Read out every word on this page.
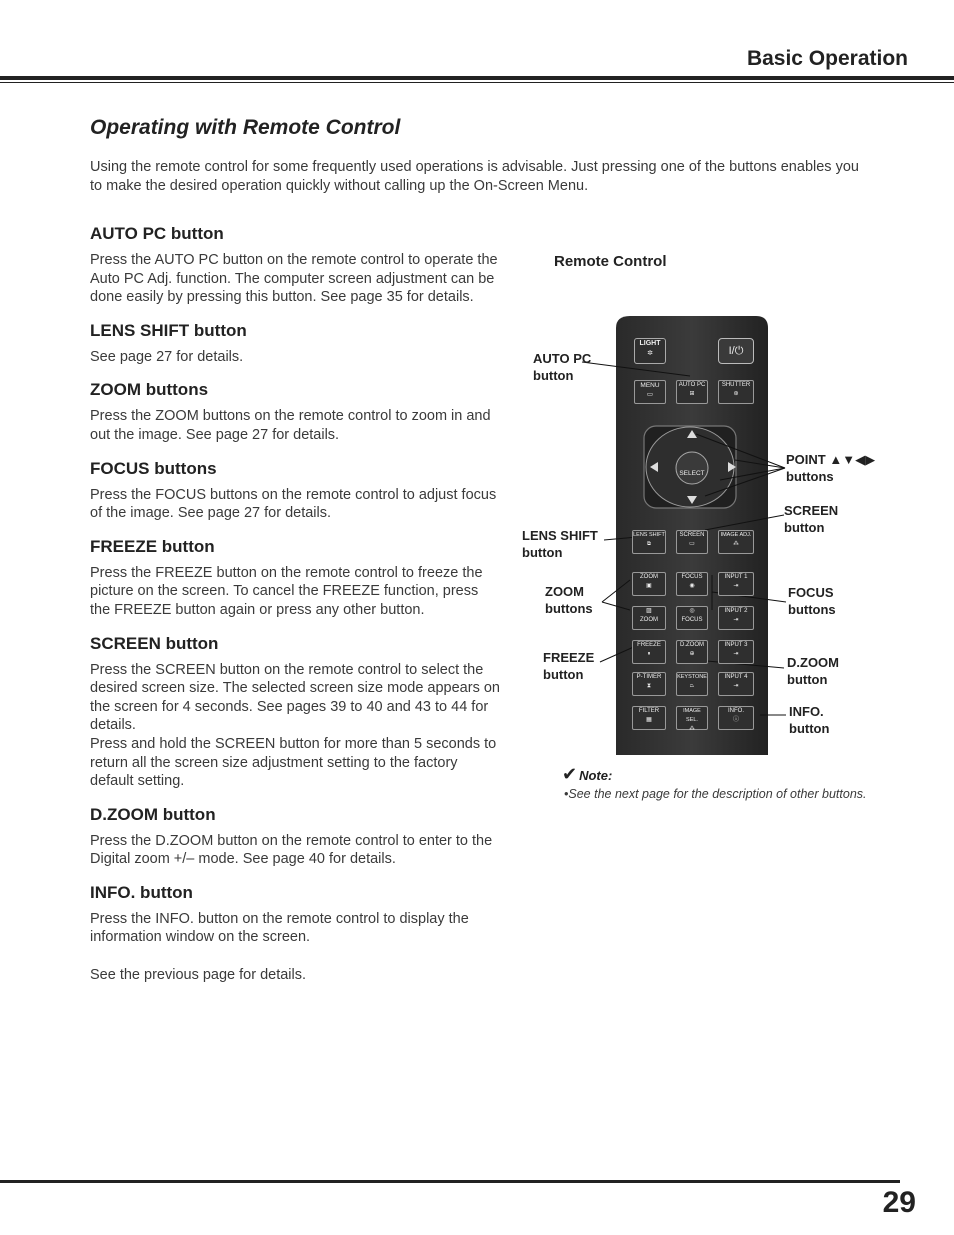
Basic Operation
Operating with Remote Control
Using the remote control for some frequently used operations is advisable. Just pressing one of the buttons enables you to make the desired operation quickly without calling up the On-Screen Menu.
AUTO PC button

Press the AUTO PC button on the remote control to operate the Auto PC Adj. function. The computer screen adjustment can be done easily by pressing this button. See page 35 for details.

LENS SHIFT button

See page 27 for details.

ZOOM buttons

Press the ZOOM buttons on the remote control to zoom in and out the image. See page 27 for details.

FOCUS buttons

Press the FOCUS buttons on the remote control to adjust focus of the image. See page 27 for details.

FREEZE button

Press the FREEZE button on the remote control to freeze the picture on the screen. To cancel the FREEZE function, press the FREEZE button again or press any other button.

SCREEN button

Press the SCREEN button on the remote control to select the desired screen size. The selected screen size mode appears on the screen for 4 seconds. See pages 39 to 40 and 43 to 44 for details.
Press and hold the SCREEN button for more than 5 seconds to return all the screen size adjustment setting to the factory default setting.

D.ZOOM button

Press the D.ZOOM button on the remote control to enter to the Digital zoom +/– mode. See page 40 for details.

INFO. button

Press the INFO. button on the remote control to display the information window on the screen.

See the previous page for details.

Remote Control
LIGHT
✲	I/⏻
MENU
▭
AUTO PC
⊞
SHUTTER
⊛
SELECT
LENS SHIFT
⧉
SCREEN
▭
IMAGE ADJ.
⁂
ZOOM
▣
FOCUS
◉
INPUT 1
⇥
▨
ZOOM
◎
FOCUS
INPUT 2
⇥
FREEZE
⏸
D.ZOOM
⊕
INPUT 3
⇥
P-TIMER
⧗
KEYSTONE
⏢
INPUT 4
⇥
FILTER
▦
IMAGE SEL.
⁂
INFO.
ⓘ
AUTO PC
button
LENS SHIFT
button
ZOOM
buttons
FREEZE
button
POINT ▲▼◀▶
buttons
SCREEN
button
FOCUS
buttons
D.ZOOM
button
INFO.
button
✔ Note:
•See the next page for the description of other buttons.
29
